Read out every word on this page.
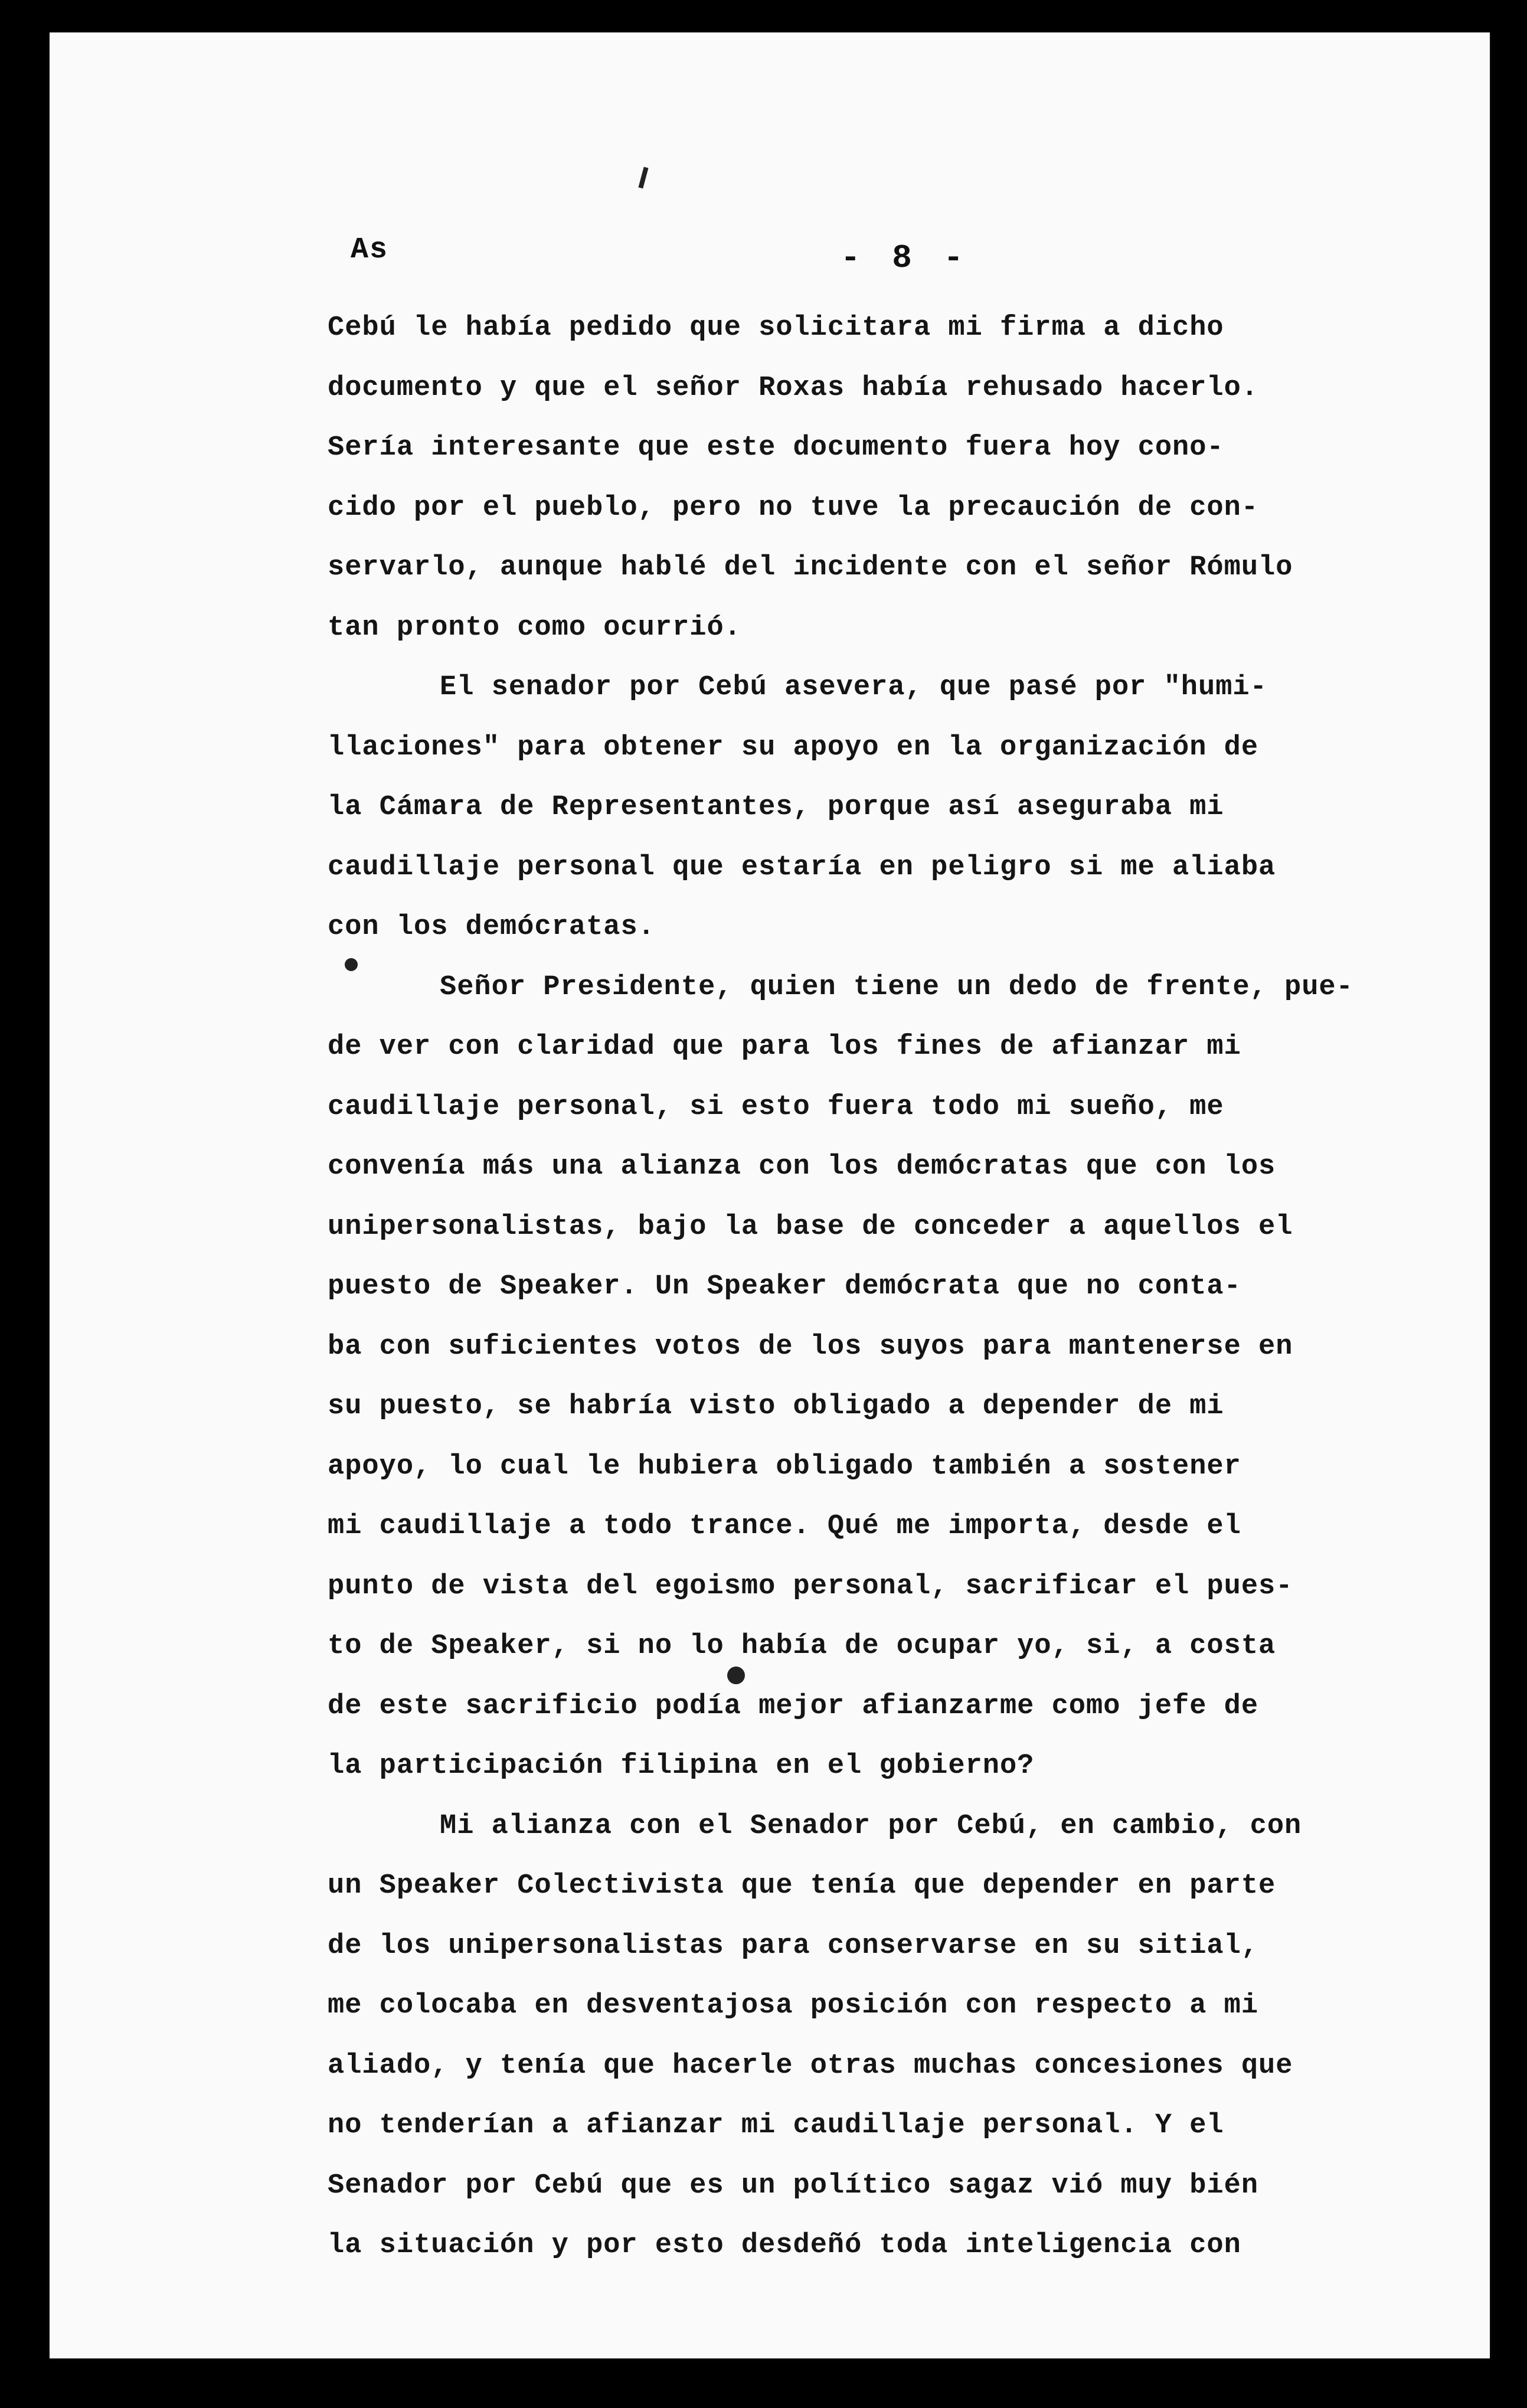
As	- 8 -
Cebú le había pedido que solicitara mi firma a dicho
documento y que el señor Roxas había rehusado hacerlo.
Sería interesante que este documento fuera hoy cono-
cido por el pueblo, pero no tuve la precaución de con-
servarlo, aunque hablé del incidente con el señor Rómulo
tan pronto como ocurrió.
El senador por Cebú asevera, que pasé por "humi-
llaciones" para obtener su apoyo en la organización de
la Cámara de Representantes, porque así aseguraba mi
caudillaje personal que estaría en peligro si me aliaba
con los demócratas.
Señor Presidente, quien tiene un dedo de frente, pue-
de ver con claridad que para los fines de afianzar mi
caudillaje personal, si esto fuera todo mi sueño, me
convenía más una alianza con los demócratas que con los
unipersonalistas, bajo la base de conceder a aquellos el
puesto de Speaker. Un Speaker demócrata que no conta-
ba con suficientes votos de los suyos para mantenerse en
su puesto, se habría visto obligado a depender de mi
apoyo, lo cual le hubiera obligado también a sostener
mi caudillaje a todo trance. Qué me importa, desde el
punto de vista del egoismo personal, sacrificar el pues-
to de Speaker, si no lo había de ocupar yo, si, a costa
de este sacrificio podía mejor afianzarme como jefe de
la participación filipina en el gobierno?
Mi alianza con el Senador por Cebú, en cambio, con
un Speaker Colectivista que tenía que depender en parte
de los unipersonalistas para conservarse en su sitial,
me colocaba en desventajosa posición con respecto a mi
aliado, y tenía que hacerle otras muchas concesiones que
no tenderían a afianzar mi caudillaje personal. Y el
Senador por Cebú que es un político sagaz vió muy bién
la situación y por esto desdeñó toda inteligencia con
